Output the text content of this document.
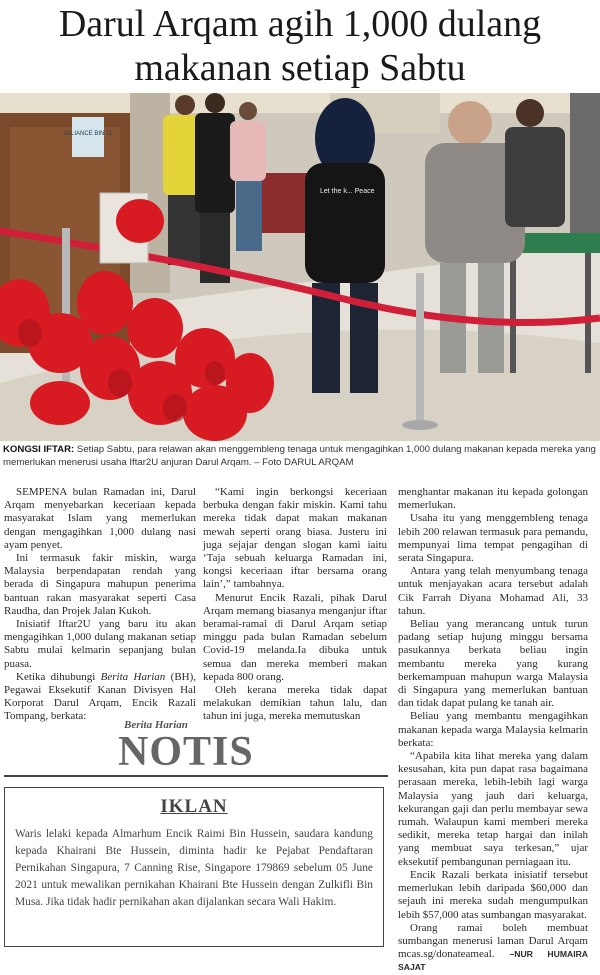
Darul Arqam agih 1,000 dulang
makanan setiap Sabtu
ALLIANCE BIN 11
Let the k... Peace
KONGSI IFTAR: Setiap Sabtu, para relawan akan menggembleng tenaga untuk mengagihkan 1,000 dulang makanan kepada mereka yang memerlukan menerusi usaha Iftar2U anjuran Darul Arqam. – Foto DARUL ARQAM

SEMPENA bulan Ramadan ini, Darul Arqam menyebarkan keceriaan kepada masyarakat Islam yang memerlukan dengan mengagihkan 1,000 dulang nasi ayam penyet.

Ini termasuk fakir miskin, warga Malaysia berpendapatan rendah yang berada di Singapura mahupun penerima bantuan rakan masyarakat seperti Casa Raudha, dan Projek Jalan Kukoh.

Inisiatif Iftar2U yang baru itu akan mengagihkan 1,000 dulang makanan setiap Sabtu mulai kelmarin sepanjang bulan puasa.

Ketika dihubungi Berita Harian (BH), Pegawai Eksekutif Kanan Divisyen Hal Korporat Darul Arqam, Encik Razali Tompang, berkata:

“Kami ingin berkongsi keceriaan berbuka dengan fakir miskin. Kami tahu mereka tidak dapat makan makanan mewah seperti orang biasa. Justeru ini juga sejajar dengan slogan kami iaitu ‘Taja sebuah keluarga Ramadan ini, kongsi keceriaan iftar bersama orang lain’,” tambahnya.

Menurut Encik Razali, pihak Darul Arqam memang biasanya menganjur iftar beramai-ramai di Darul Arqam setiap minggu pada bulan Ramadan sebelum Covid-19 melanda.Ia dibuka untuk semua dan mereka memberi makan kepada 800 orang.

Oleh kerana mereka tidak dapat melakukan demikian tahun lalu, dan tahun ini juga, mereka memutuskan

menghantar makanan itu kepada golongan memerlukan.

Usaha itu yang menggembleng tenaga lebih 200 relawan termasuk para pemandu, mempunyai lima tempat pengagihan di serata Singapura.

Antara yang telah menyumbang tenaga untuk menjayakan acara tersebut adalah Cik Farrah Diyana Mohamad Ali, 33 tahun.

Beliau yang merancang untuk turun padang setiap hujung minggu bersama pasukannya berkata beliau ingin membantu mereka yang kurang berkemampuan mahupun warga Malaysia di Singapura yang memerlukan bantuan dan tidak dapat pulang ke tanah air.

Beliau yang membantu mengagihkan makanan kepada warga Malaysia kelmarin berkata:

“Apabila kita lihat mereka yang dalam kesusahan, kita pun dapat rasa bagaimana perasaan mereka, lebih-lebih lagi warga Malaysia yang jauh dari keluarga, kekurangan gaji dan perlu membayar sewa rumah. Walaupun kami memberi mereka sedikit, mereka tetap hargai dan inilah yang membuat saya terkesan,” ujar eksekutif pembangunan perniagaan itu.

Encik Razali berkata inisiatif tersebut memerlukan lebih daripada $60,000 dan sejauh ini mereka sudah mengumpulkan lebih $57,000 atas sumbangan masyarakat.

Orang ramai boleh membuat sumbangan menerusi laman Darul Arqam mcas.sg/donateameal. –NUR HUMAIRA SAJAT

Berita Harian
NOTIS
IKLAN
Waris lelaki kepada Almarhum Encik Raimi Bin Hussein, saudara kandung kepada Khairani Bte Hussein, diminta hadir ke Pejabat Pendaftaran Pernikahan Singapura, 7 Canning Rise, Singapore 179869 sebelum 05 June 2021 untuk mewalikan pernikahan Khairani Bte Hussein dengan Zulkifli Bin Musa. Jika tidak hadir pernikahan akan dijalankan secara Wali Hakim.
